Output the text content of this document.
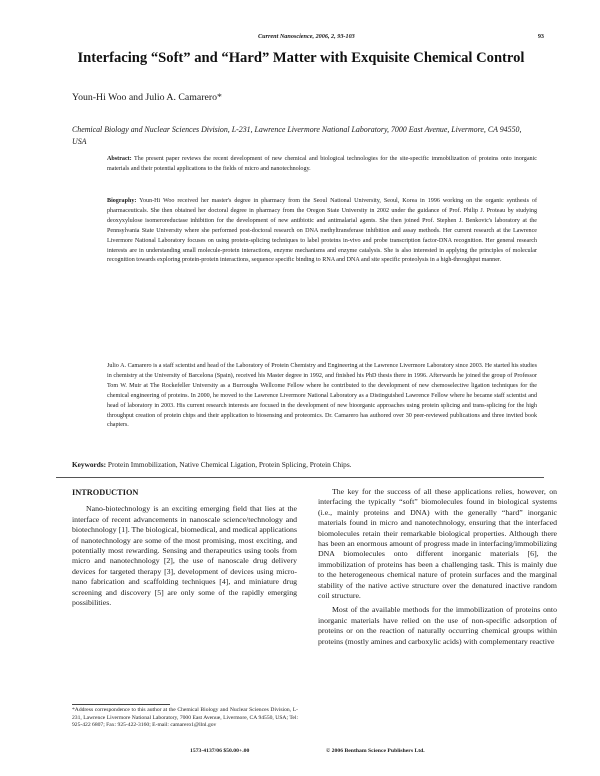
Current Nanoscience, 2006, 2, 93-103	93
Interfacing “Soft” and “Hard” Matter with Exquisite Chemical Control
Youn-Hi Woo and Julio A. Camarero*
Chemical Biology and Nuclear Sciences Division, L-231, Lawrence Livermore National Laboratory, 7000 East Avenue, Livermore, CA 94550, USA
Abstract: The present paper reviews the recent development of new chemical and biological technologies for the site-specific immobilization of proteins onto inorganic materials and their potential applications to the fields of micro and nanotechnology.
Biography: Youn-Hi Woo received her master's degree in pharmacy from the Seoul National University, Seoul, Korea in 1996 working on the organic synthesis of pharmaceuticals. She then obtained her doctoral degree in pharmacy from the Oregon State University in 2002 under the guidance of Prof. Philip J. Proteau by studying deoxyxylulose isomeroreductase inhibition for the development of new antibiotic and antimalarial agents. She then joined Prof. Stephen J. Benkovic's laboratory at the Pennsylvania State University where she performed post-doctoral research on DNA methyltransferase inhibition and assay methods. Her current research at the Lawrence Livermore National Laboratory focuses on using protein-splicing techniques to label proteins in-vivo and probe transcription factor-DNA recognition. Her general research interests are in understanding small molecule-protein interactions, enzyme mechanisms and enzyme catalysis. She is also interested in applying the principles of molecular recognition towards exploring protein-protein interactions, sequence specific binding to RNA and DNA and site specific proteolysis in a high-throughput manner.
Julio A. Camarero is a staff scientist and head of the Laboratory of Protein Chemistry and Engineering at the Lawrence Livermore Laboratory since 2003. He started his studies in chemistry at the University of Barcelona (Spain), received his Master degree in 1992, and finished his PhD thesis there in 1996. Afterwards he joined the group of Professor Tom W. Muir at The Rockefeller University as a Burroughs Wellcome Fellow where he contributed to the development of new chemoselective ligation techniques for the chemical engineering of proteins. In 2000, he moved to the Lawrence Livermore National Laboratory as a Distinguished Lawrence Fellow where he became staff scientist and head of laboratory in 2003. His current research interests are focused in the development of new bioorganic approaches using protein splicing and trans-splicing for the high throughput creation of protein chips and their application to biosensing and proteomics. Dr. Camarero has authored over 30 peer-reviewed publications and three invited book chapters.
Keywords: Protein Immobilization, Native Chemical Ligation, Protein Splicing, Protein Chips.
INTRODUCTION

Nano-biotechnology is an exciting emerging field that lies at the interface of recent advancements in nanoscale science/technology and biotechnology [1]. The biological, biomedical, and medical applications of nanotechnology are some of the most promising, most exciting, and potentially most rewarding. Sensing and therapeutics using tools from micro and nanotechnology [2], the use of nanoscale drug delivery devices for targeted therapy [3], development of devices using micro-nano fabrication and scaffolding techniques [4], and miniature drug screening and discovery [5] are only some of the rapidly emerging possibilities.

The key for the success of all these applications relies, however, on interfacing the typically “soft” biomolecules found in biological systems (i.e., mainly proteins and DNA) with the generally “hard” inorganic materials found in micro and nanotechnology, ensuring that the interfaced biomolecules retain their remarkable biological properties. Although there has been an enormous amount of progress made in interfacing/immobilizing DNA biomolecules onto different inorganic materials [6], the immobilization of proteins has been a challenging task. This is mainly due to the heterogeneous chemical nature of protein surfaces and the marginal stability of the native active structure over the denatured inactive random coil structure.

Most of the available methods for the immobilization of proteins onto inorganic materials have relied on the use of non-specific adsorption of proteins or on the reaction of naturally occurring chemical groups within proteins (mostly amines and carboxylic acids) with complementary reactive

*Address correspondence to this author at the Chemical Biology and Nuclear Sciences Division, L-231, Lawrence Livermore National Laboratory, 7000 East Avenue, Livermore, CA 94550, USA; Tel: 925-422 6807; Fax: 925-422-3160; E-mail: camarero1@llnl.gov
1573-4137/06 $50.00+.00	© 2006 Bentham Science Publishers Ltd.
